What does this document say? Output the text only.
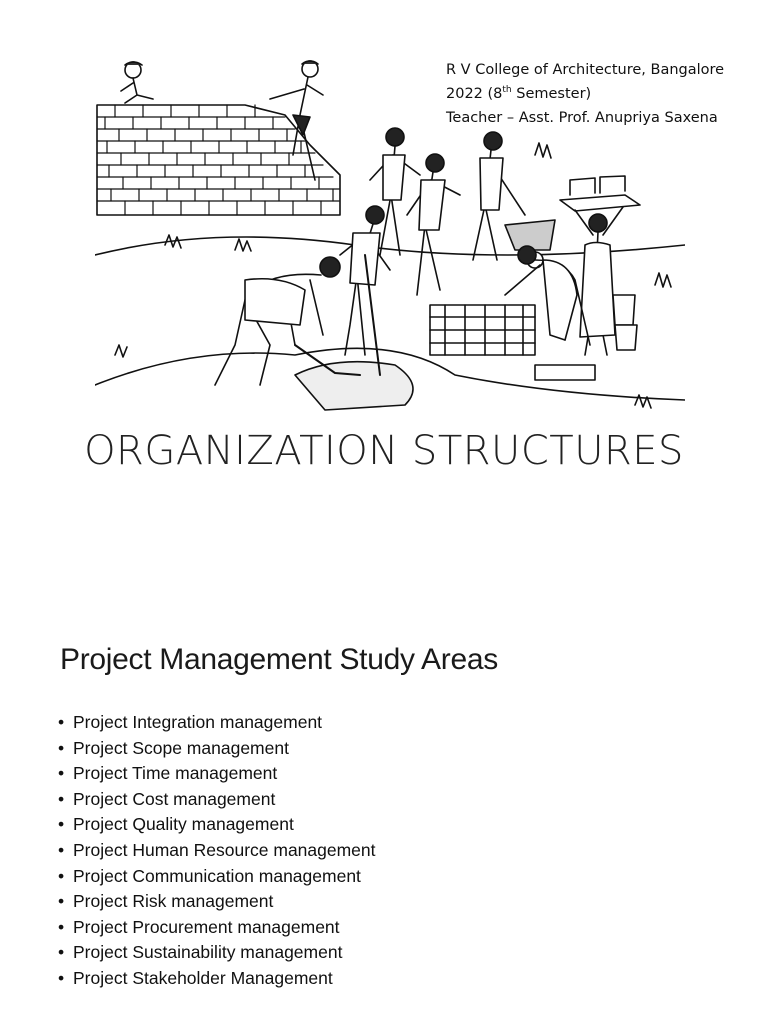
R V College of Architecture, Bangalore
2022 (8th Semester)
Teacher – Asst. Prof. Anupriya Saxena
ORGANIZATION STRUCTURES
Project Management Study Areas
• Project Integration management
• Project Scope management
• Project Time management
• Project Cost management
• Project Quality management
• Project Human Resource management
• Project Communication management
• Project Risk management
• Project Procurement management
• Project Sustainability management
• Project Stakeholder Management
